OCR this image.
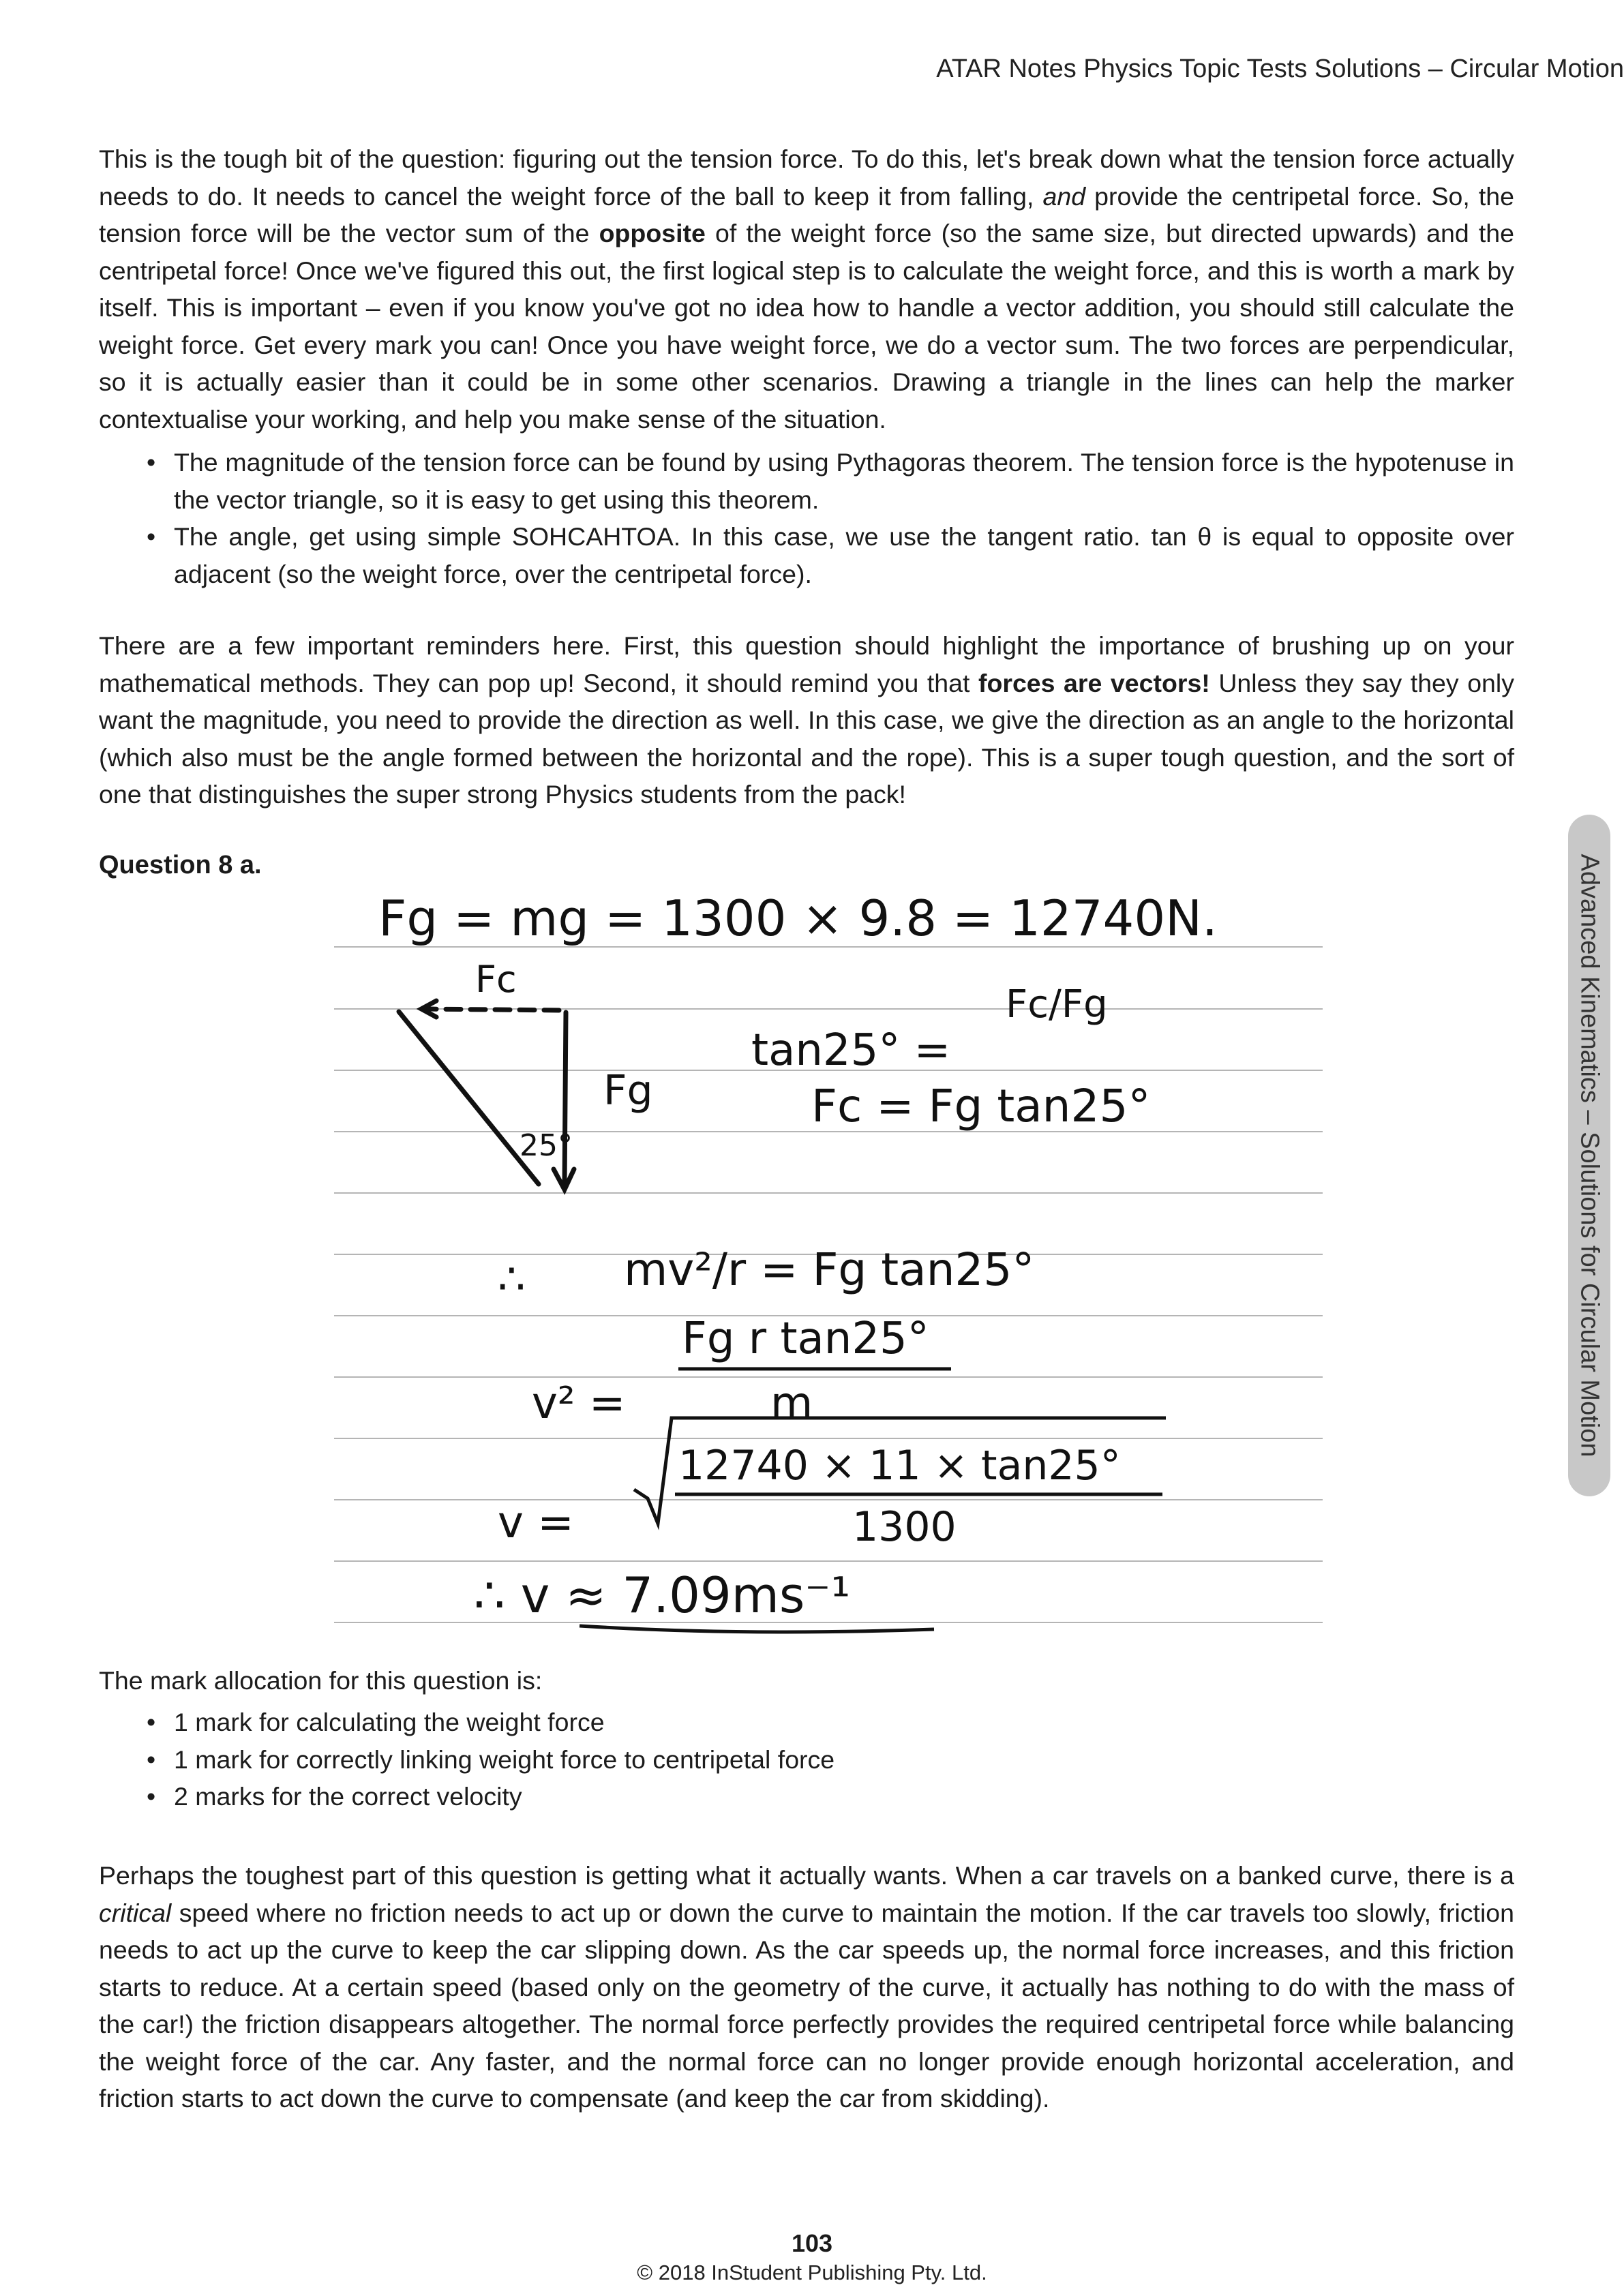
ATAR Notes Physics Topic Tests Solutions – Circular Motion
This is the tough bit of the question: figuring out the tension force. To do this, let's break down what the tension force actually needs to do. It needs to cancel the weight force of the ball to keep it from falling, and provide the centripetal force. So, the tension force will be the vector sum of the opposite of the weight force (so the same size, but directed upwards) and the centripetal force! Once we've figured this out, the first logical step is to calculate the weight force, and this is worth a mark by itself. This is important – even if you know you've got no idea how to handle a vector addition, you should still calculate the weight force. Get every mark you can! Once you have weight force, we do a vector sum. The two forces are perpendicular, so it is actually easier than it could be in some other scenarios. Drawing a triangle in the lines can help the marker contextualise your working, and help you make sense of the situation.
• The magnitude of the tension force can be found by using Pythagoras theorem. The tension force is the hypotenuse in the vector triangle, so it is easy to get using this theorem.
• The angle, get using simple SOHCAHTOA. In this case, we use the tangent ratio. tan θ is equal to opposite over adjacent (so the weight force, over the centripetal force).
There are a few important reminders here. First, this question should highlight the importance of brushing up on your mathematical methods. They can pop up! Second, it should remind you that forces are vectors! Unless they say they only want the magnitude, you need to provide the direction as well. In this case, we give the direction as an angle to the horizontal (which also must be the angle formed between the horizontal and the rope). This is a super tough question, and the sort of one that distinguishes the super strong Physics students from the pack!
Question 8 a.
Fg = mg = 1300 × 9.8 = 12740N.
Fc
Fg
25°
tan25° =
Fc/Fg
Fc = Fg tan25°
∴ mv²/r = Fg tan25°
Fg r tan25°
v² =	m
v =
12740 × 11 × tan25°
1300
∴ v ≈ 7.09ms⁻¹
The mark allocation for this question is:
• 1 mark for calculating the weight force
• 1 mark for correctly linking weight force to centripetal force
• 2 marks for the correct velocity
Perhaps the toughest part of this question is getting what it actually wants. When a car travels on a banked curve, there is a critical speed where no friction needs to act up or down the curve to maintain the motion. If the car travels too slowly, friction needs to act up the curve to keep the car slipping down. As the car speeds up, the normal force increases, and this friction starts to reduce. At a certain speed (based only on the geometry of the curve, it actually has nothing to do with the mass of the car!) the friction disappears altogether. The normal force perfectly provides the required centripetal force while balancing the weight force of the car. Any faster, and the normal force can no longer provide enough horizontal acceleration, and friction starts to act down the curve to compensate (and keep the car from skidding).
Advanced Kinematics – Solutions for Circular Motion
103
© 2018 InStudent Publishing Pty. Ltd.
